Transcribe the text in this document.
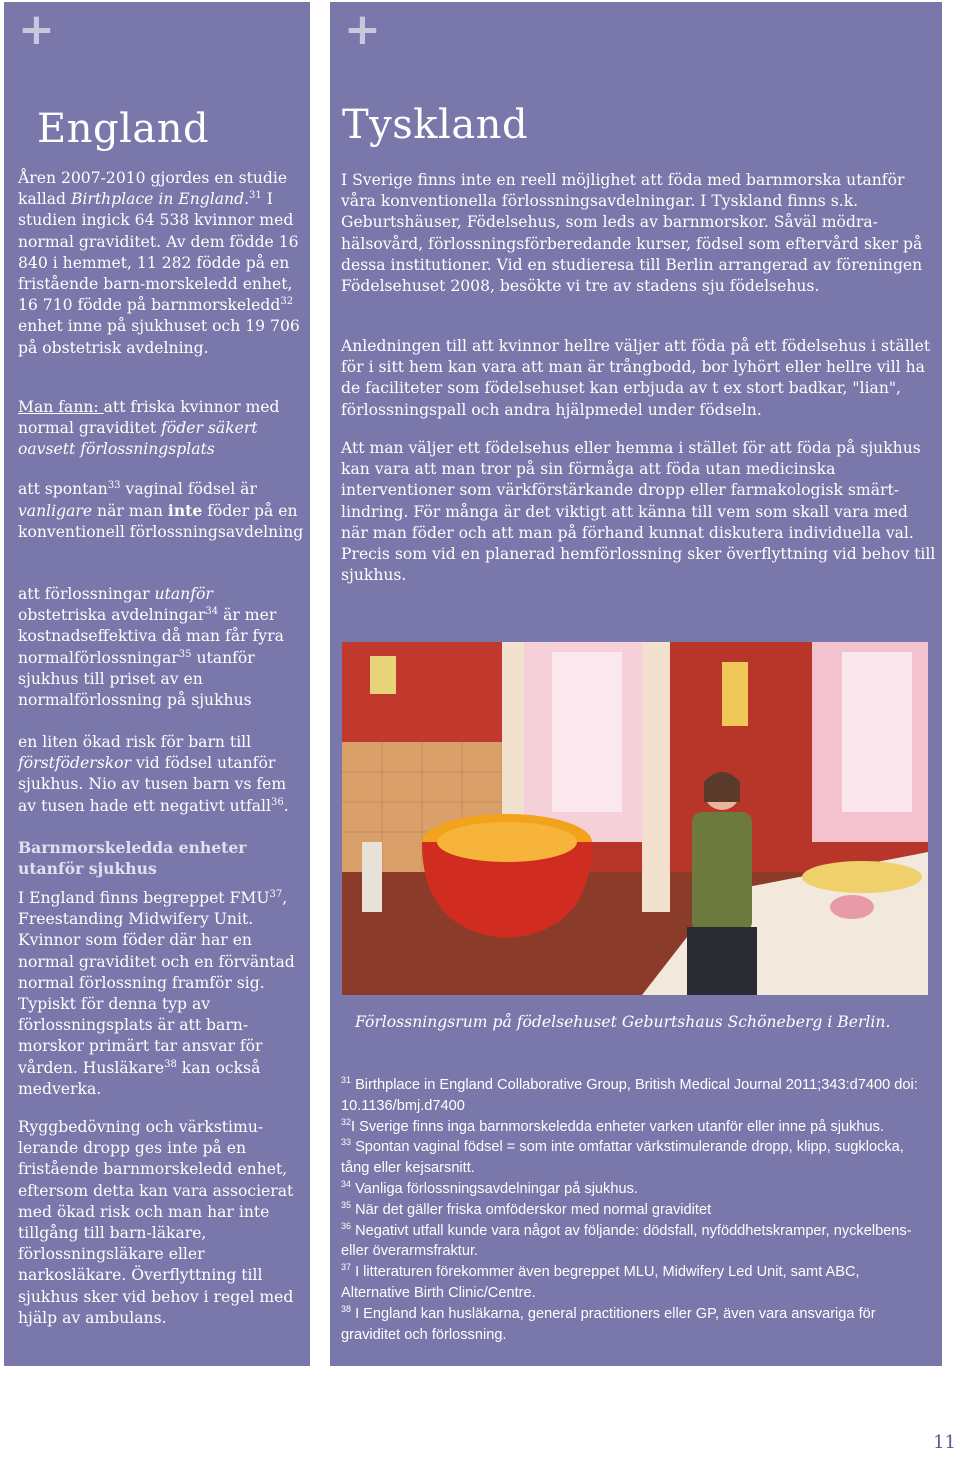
+
England

Åren 2007-2010 gjordes en studie kallad Birthplace in England.$^{31}$ I studien ingick 64 538 kvinnor med normal graviditet. Av dem födde 16 840 i hemmet, 11 282 födde på en fristående barn-morskeledd enhet, 16 710 födde på barnmorskeledd$^{32}$ enhet inne på sjukhuset och 19 706 på obstetrisk avdelning.

Man fann: att friska kvinnor med normal graviditet föder säkert oavsett förlossningsplats

att spontan$^{33}$ vaginal födsel är vanligare när man inte föder på en konventionell förlossningsavdelning

att förlossningar utanför obstetriska avdelningar$^{34}$ är mer kostnadseffektiva då man får fyra normalförlossningar$^{35}$ utanför sjukhus till priset av en normalförlossning på sjukhus

en liten ökad risk för barn till förstföderskor vid födsel utanför sjukhus. Nio av tusen barn vs fem av tusen hade ett negativt utfall$^{36}$.

Barnmorskeledda enheter utanför sjukhus

I England finns begreppet FMU$^{37}$, Freestanding Midwifery Unit. Kvinnor som föder där har en normal graviditet och en förväntad normal förlossning framför sig. Typiskt för denna typ av förlossningsplats är att barn-morskor primärt tar ansvar för vården. Husläkare$^{38}$ kan också medverka.

Ryggbedövning och värkstimu-lerande dropp ges inte på en fristående barnmorskeledd enhet, eftersom detta kan vara associerat med ökad risk och man har inte tillgång till barn-läkare, förlossningsläkare eller narkosläkare. Överflyttning till sjukhus sker vid behov i regel med hjälp av ambulans.

+
Tyskland

I Sverige finns inte en reell möjlighet att föda med barnmorska utanför våra konventionella förlossningsavdelningar. I Tyskland finns s.k. Geburtshäuser, Födelsehus, som leds av barnmorskor. Såväl mödra-hälsovård, förlossningsförberedande kurser, födsel som eftervård sker på dessa institutioner. Vid en studieresa till Berlin arrangerad av föreningen Födelsehuset 2008, besökte vi tre av stadens sju födelsehus.

Anledningen till att kvinnor hellre väljer att föda på ett födelsehus i stället för i sitt hem kan vara att man är trångbodd, bor lyhört eller hellre vill ha de faciliteter som födelsehuset kan erbjuda av t ex stort badkar, "lian", förlossningspall och andra hjälpmedel under födseln.

Att man väljer ett födelsehus eller hemma i stället för att föda på sjukhus kan vara att man tror på sin förmåga att föda utan medicinska interventioner som värkförstärkande dropp eller farmakologisk smärt-lindring. För många är det viktigt att känna till vem som skall vara med när man föder och att man på förhand kunnat diskutera individuella val. Precis som vid en planerad hemförlossning sker överflyttning vid behov till sjukhus.

Förlossningsrum på födelsehuset Geburtshaus Schöneberg i Berlin.

$^{31}$ Birthplace in England Collaborative Group, British Medical Journal 2011;343:d7400 doi: 10.1136/bmj.d7400

$^{32}$I Sverige finns inga barnmorskeledda enheter varken utanför eller inne på sjukhus.

$^{33}$ Spontan vaginal födsel = som inte omfattar värkstimulerande dropp, klipp, sugklocka, tång eller kejsarsnitt.

$^{34}$ Vanliga förlossningsavdelningar på sjukhus.

$^{35}$ När det gäller friska omföderskor med normal graviditet

$^{36}$ Negativt utfall kunde vara något av följande: dödsfall, nyföddhetskramper, nyckelbens-eller överarmsfraktur.

$^{37}$ I litteraturen förekommer även begreppet MLU, Midwifery Led Unit, samt ABC, Alternative Birth Clinic/Centre.

$^{38}$ I England kan husläkarna, general practitioners eller GP, även vara ansvariga för graviditet och förlossning.

11
